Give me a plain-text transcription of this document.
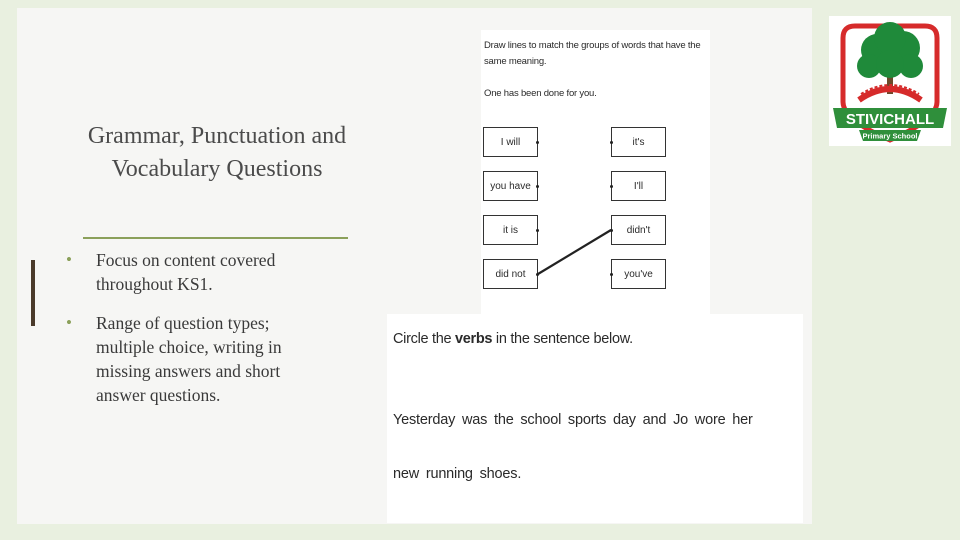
Grammar, Punctuation and Vocabulary Questions
• Focus on content covered throughout KS1.
• Range of question types; multiple choice, writing in missing answers and short answer questions.
Draw lines to match the groups of words that have the same meaning.
One has been done for you.
I will
you have
it is
did not
it's
I'll
didn't
you've
Circle the verbs in the sentence below.
Yesterday was the school sports day and Jo wore her
new running shoes.
STIVICHALL
Primary School
